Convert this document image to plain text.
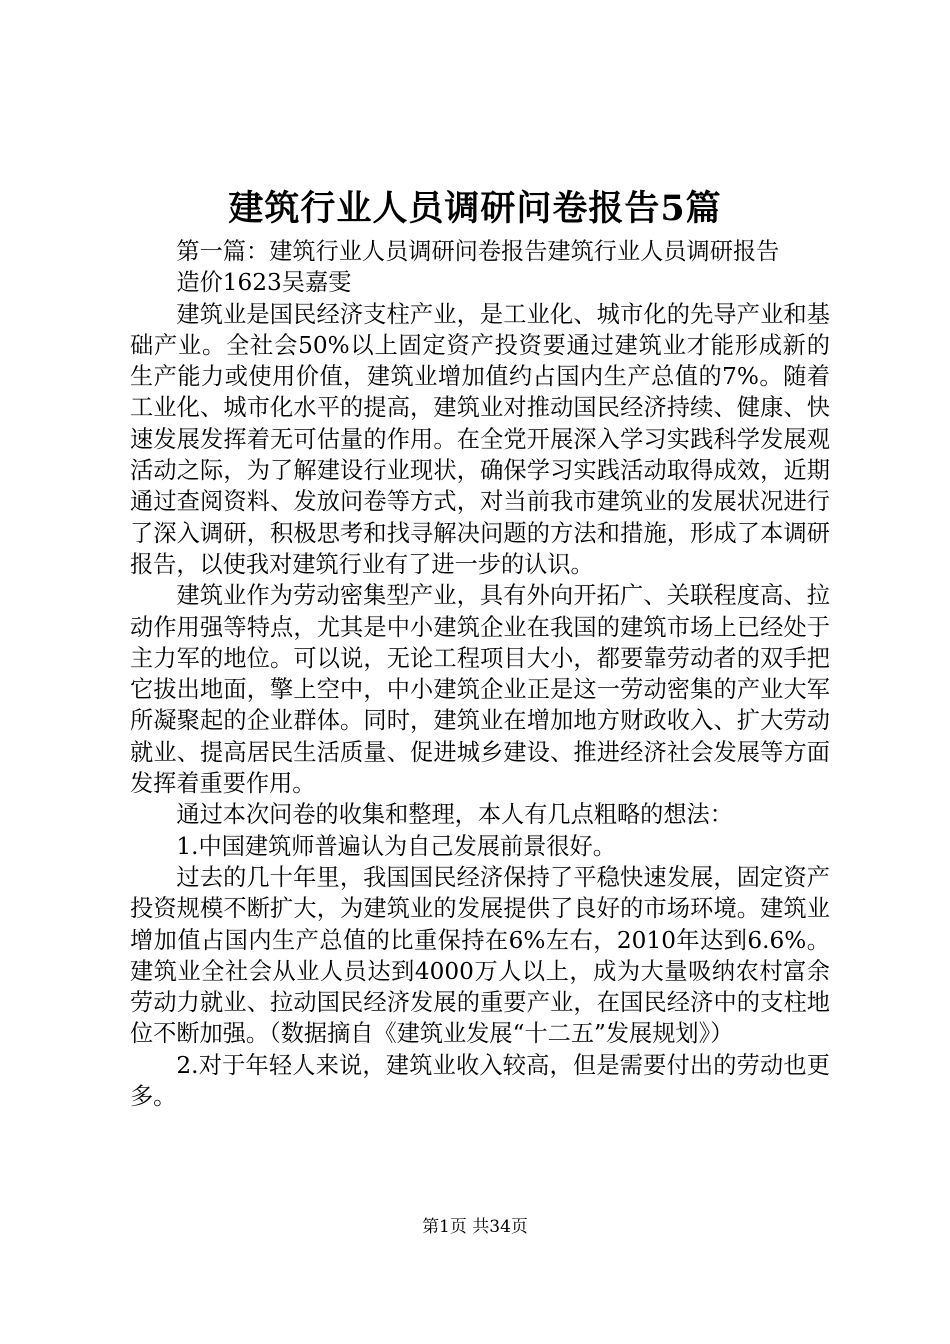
建筑行业人员调研问卷报告5篇

第一篇：建筑行业人员调研问卷报告建筑行业人员调研报告

造价1623吴嘉雯

建筑业是国民经济支柱产业，是工业化、城市化的先导产业和基础产业。全社会50%以上固定资产投资要通过建筑业才能形成新的生产能力或使用价值，建筑业增加值约占国内生产总值的7%。随着工业化、城市化水平的提高，建筑业对推动国民经济持续、健康、快速发展发挥着无可估量的作用。在全党开展深入学习实践科学发展观活动之际，为了解建设行业现状，确保学习实践活动取得成效，近期通过查阅资料、发放问卷等方式，对当前我市建筑业的发展状况进行了深入调研，积极思考和找寻解决问题的方法和措施，形成了本调研报告，以使我对建筑行业有了进一步的认识。

建筑业作为劳动密集型产业，具有外向开拓广、关联程度高、拉动作用强等特点，尤其是中小建筑企业在我国的建筑市场上已经处于主力军的地位。可以说，无论工程项目大小，都要靠劳动者的双手把它拔出地面，擎上空中，中小建筑企业正是这一劳动密集的产业大军所凝聚起的企业群体。同时，建筑业在增加地方财政收入、扩大劳动就业、提高居民生活质量、促进城乡建设、推进经济社会发展等方面发挥着重要作用。

通过本次问卷的收集和整理，本人有几点粗略的想法：

1.中国建筑师普遍认为自己发展前景很好。

过去的几十年里，我国国民经济保持了平稳快速发展，固定资产投资规模不断扩大，为建筑业的发展提供了良好的市场环境。建筑业增加值占国内生产总值的比重保持在6%左右，2010年达到6.6%。建筑业全社会从业人员达到4000万人以上，成为大量吸纳农村富余劳动力就业、拉动国民经济发展的重要产业，在国民经济中的支柱地位不断加强。（数据摘自《建筑业发展“十二五”发展规划》）

2.对于年轻人来说，建筑业收入较高，但是需要付出的劳动也更多。

第1页 共34页
